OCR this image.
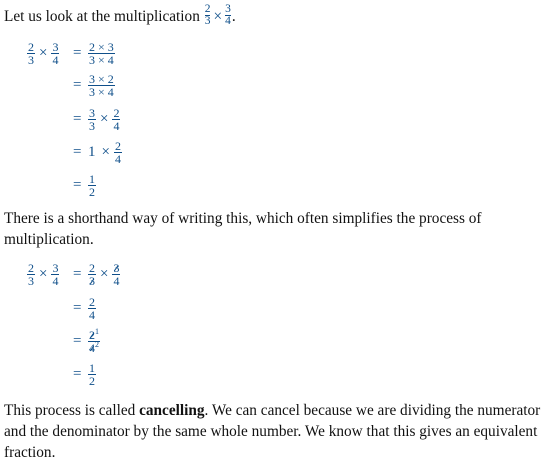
Let us look at the multiplication $\frac{2}{3} \times \frac{3}{4}$ .

$\frac{2}{3} \times \frac{3}{4} = \frac{2 \times 3}{3 \times 4}$
= $\frac{3 \times 2}{3 \times 4}$
= $\frac{3}{3} \times \frac{2}{4}$
= $1 \times \frac{2}{4}$
= $\frac{1}{2}$

There is a shorthand way of writing this, which often simplifies the process of multiplication.

$\frac{2}{3} \times \frac{3}{4} = \frac{2}{3} \times \frac{3}{4}$
= $\frac{2}{4}$
= $\frac{2^1}{4^2}$
= $\frac{1}{2}$

This process is called cancelling. We can cancel because we are dividing the numerator and the denominator by the same whole number. We know that this gives an equivalent fraction.
